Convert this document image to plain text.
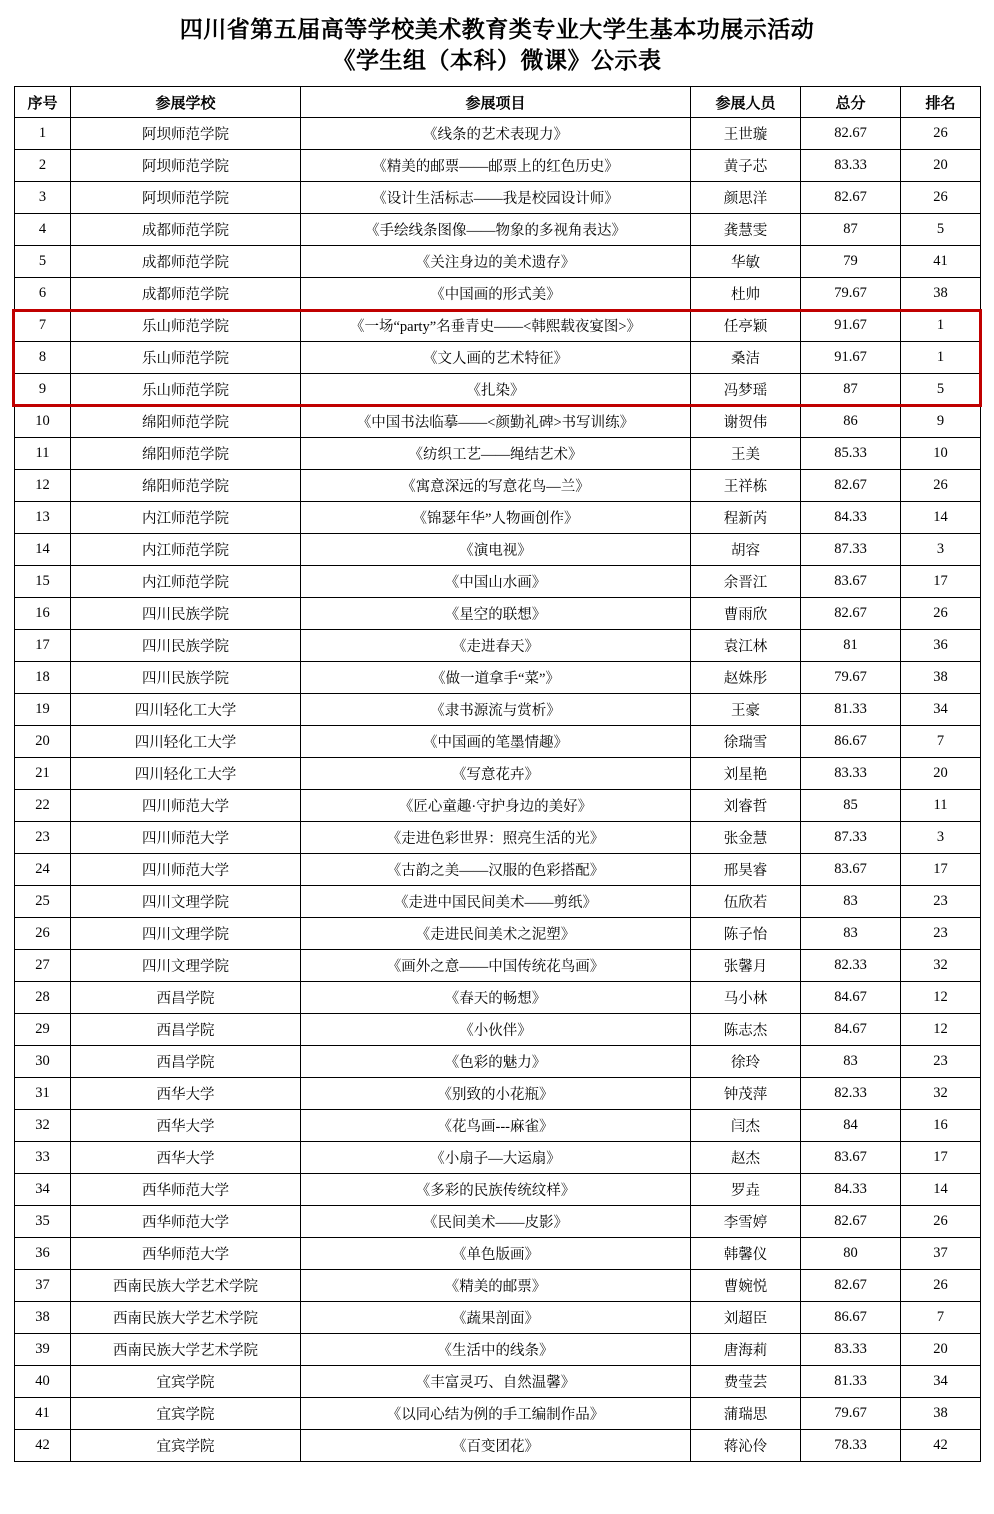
四川省第五届高等学校美术教育类专业大学生基本功展示活动
《学生组（本科）微课》公示表
序号	参展学校	参展项目	参展人员	总分	排名
1	阿坝师范学院	《线条的艺术表现力》	王世璇	82.67	26
2	阿坝师范学院	《精美的邮票——邮票上的红色历史》	黄子芯	83.33	20
3	阿坝师范学院	《设计生活标志——我是校园设计师》	颜思洋	82.67	26
4	成都师范学院	《手绘线条图像——物象的多视角表达》	龚慧雯	87	5
5	成都师范学院	《关注身边的美术遗存》	华敏	79	41
6	成都师范学院	《中国画的形式美》	杜帅	79.67	38
7	乐山师范学院	《一场“party”名垂青史——<韩熙载夜宴图>》	任亭颖	91.67	1
8	乐山师范学院	《文人画的艺术特征》	桑洁	91.67	1
9	乐山师范学院	《扎染》	冯梦瑶	87	5
10	绵阳师范学院	《中国书法临摹——<颜勤礼碑>书写训练》	谢贺伟	86	9
11	绵阳师范学院	《纺织工艺——绳结艺术》	王美	85.33	10
12	绵阳师范学院	《寓意深远的写意花鸟—兰》	王祥栋	82.67	26
13	内江师范学院	《锦瑟年华”人物画创作》	程新芮	84.33	14
14	内江师范学院	《演电视》	胡容	87.33	3
15	内江师范学院	《中国山水画》	余晋江	83.67	17
16	四川民族学院	《星空的联想》	曹雨欣	82.67	26
17	四川民族学院	《走进春天》	袁江林	81	36
18	四川民族学院	《做一道拿手“菜”》	赵姝彤	79.67	38
19	四川轻化工大学	《隶书源流与赏析》	王豪	81.33	34
20	四川轻化工大学	《中国画的笔墨情趣》	徐瑞雪	86.67	7
21	四川轻化工大学	《写意花卉》	刘星艳	83.33	20
22	四川师范大学	《匠心童趣·守护身边的美好》	刘睿哲	85	11
23	四川师范大学	《走进色彩世界：照亮生活的光》	张金慧	87.33	3
24	四川师范大学	《古韵之美——汉服的色彩搭配》	邢昊睿	83.67	17
25	四川文理学院	《走进中国民间美术——剪纸》	伍欣若	83	23
26	四川文理学院	《走进民间美术之泥塑》	陈子怡	83	23
27	四川文理学院	《画外之意——中国传统花鸟画》	张馨月	82.33	32
28	西昌学院	《春天的畅想》	马小林	84.67	12
29	西昌学院	《小伙伴》	陈志杰	84.67	12
30	西昌学院	《色彩的魅力》	徐玲	83	23
31	西华大学	《别致的小花瓶》	钟茂萍	82.33	32
32	西华大学	《花鸟画---麻雀》	闫杰	84	16
33	西华大学	《小扇子—大运扇》	赵杰	83.67	17
34	西华师范大学	《多彩的民族传统纹样》	罗垚	84.33	14
35	西华师范大学	《民间美术——皮影》	李雪婷	82.67	26
36	西华师范大学	《单色版画》	韩馨仪	80	37
37	西南民族大学艺术学院	《精美的邮票》	曹婉悦	82.67	26
38	西南民族大学艺术学院	《蔬果剖面》	刘超臣	86.67	7
39	西南民族大学艺术学院	《生活中的线条》	唐海莉	83.33	20
40	宜宾学院	《丰富灵巧、自然温馨》	费莹芸	81.33	34
41	宜宾学院	《以同心结为例的手工编制作品》	蒲瑞思	79.67	38
42	宜宾学院	《百变团花》	蒋沁伶	78.33	42
